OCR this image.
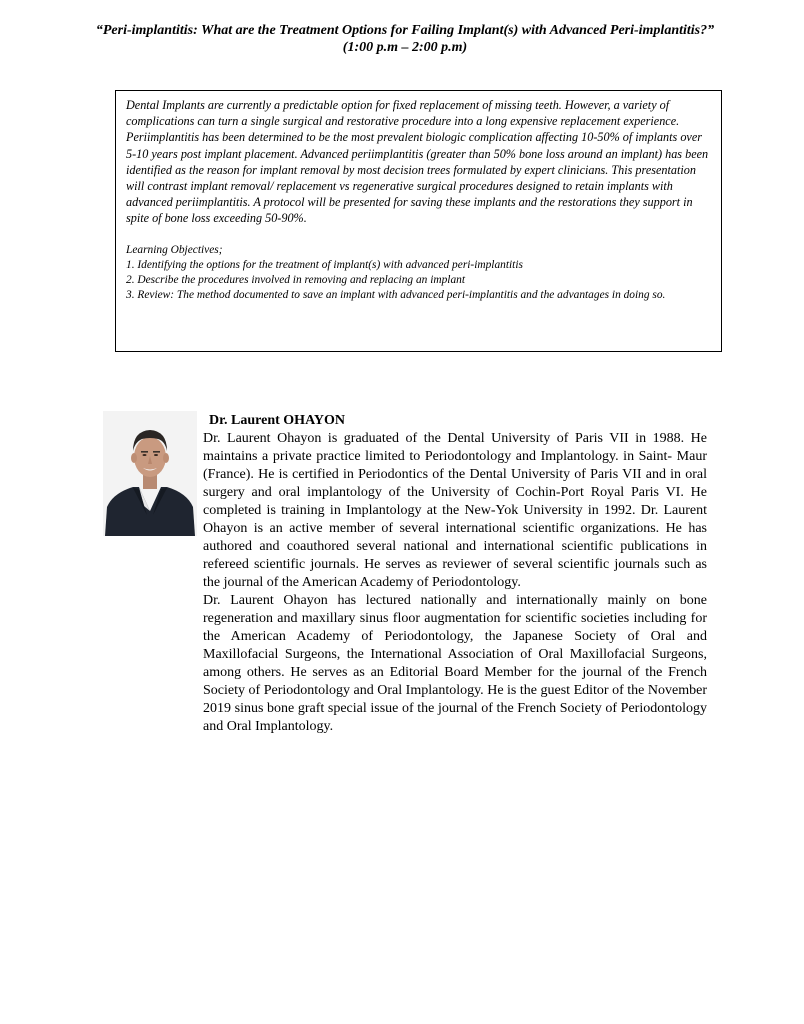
“Peri-implantitis: What are the Treatment Options for Failing Implant(s) with Advanced Peri-implantitis?”
(1:00 p.m – 2:00 p.m)

Dental Implants are currently a predictable option for fixed replacement of missing teeth. However, a variety of complications can turn a single surgical and restorative procedure into a long expensive replacement experience. Periimplantitis has been determined to be the most prevalent biologic complication affecting 10-50% of implants over 5-10 years post implant placement. Advanced periimplantitis (greater than 50% bone loss around an implant) has been identified as the reason for implant removal by most decision trees formulated by expert clinicians. This presentation will contrast implant removal/ replacement vs regenerative surgical procedures designed to retain implants with advanced periimplantitis. A protocol will be presented for saving these implants and the restorations they support in spite of bone loss exceeding 50-90%.

Learning Objectives;
1. Identifying the options for the treatment of implant(s) with advanced peri-implantitis
2. Describe the procedures involved in removing and replacing an implant
3. Review: The method documented to save an implant with advanced peri-implantitis and the advantages in doing so.
Dr. Laurent OHAYON

Dr. Laurent Ohayon is graduated of the Dental University of Paris VII in 1988. He maintains a private practice limited to Periodontology and Implantology. in Saint- Maur (France). He is certified in Periodontics of the Dental University of Paris VII and in oral surgery and oral implantology of the University of Cochin-Port Royal Paris VI. He completed is training in Implantology at the New-Yok University in 1992. Dr. Laurent Ohayon is an active member of several international scientific organizations. He has authored and coauthored several national and international scientific publications in refereed scientific journals. He serves as reviewer of several scientific journals such as the journal of the American Academy of Periodontology.

Dr. Laurent Ohayon has lectured nationally and internationally mainly on bone regeneration and maxillary sinus floor augmentation for scientific societies including for the American Academy of Periodontology, the Japanese Society of Oral and Maxillofacial Surgeons, the International Association of Oral Maxillofacial Surgeons, among others. He serves as an Editorial Board Member for the journal of the French Society of Periodontology and Oral Implantology. He is the guest Editor of the November 2019 sinus bone graft special issue of the journal of the French Society of Periodontology and Oral Implantology.
